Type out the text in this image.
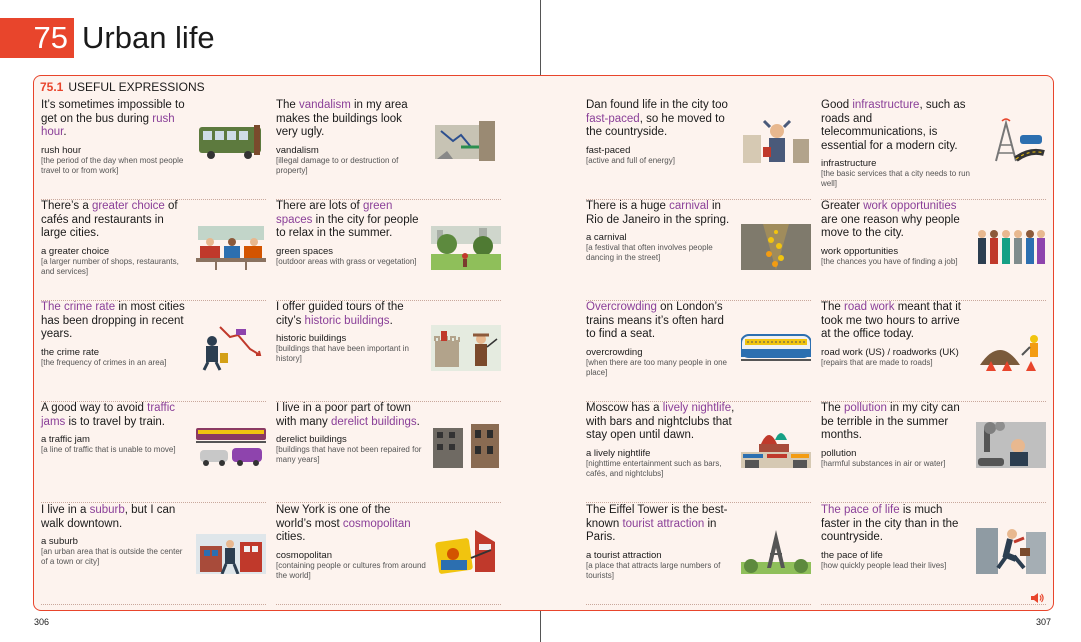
75 Urban life
75.1 USEFUL EXPRESSIONS

It’s sometimes impossible to get on the bus during rush hour.

rush hour
[the period of the day when most people travel to or from work]

The vandalism in my area makes the buildings look very ugly.

vandalism
[illegal damage to or destruction of property]

Dan found life in the city too fast-paced, so he moved to the countryside.

fast-paced
[active and full of energy]

Good infrastructure, such as roads and telecommunications, is essential for a modern city.

infrastructure
[the basic services that a city needs to run well]

There’s a greater choice of cafés and restaurants in large cities.

a greater choice
[a larger number of shops, restaurants, and services]

There are lots of green spaces in the city for people to relax in the summer.

green spaces
[outdoor areas with grass or vegetation]

There is a huge carnival in Rio de Janeiro in the spring.

a carnival
[a festival that often involves people dancing in the street]

Greater work opportunities are one reason why people move to the city.

work opportunities
[the chances you have of finding a job]

The crime rate in most cities has been dropping in recent years.

the crime rate
[the frequency of crimes in an area]

I offer guided tours of the city’s historic buildings.

historic buildings
[buildings that have been important in history]

Overcrowding on London’s trains means it’s often hard to find a seat.

overcrowding
[when there are too many people in one place]

The road work meant that it took me two hours to arrive at the office today.

road work (US) / roadworks (UK)
[repairs that are made to roads]

A good way to avoid traffic jams is to travel by train.

a traffic jam
[a line of traffic that is unable to move]

I live in a poor part of town with many derelict buildings.

derelict buildings
[buildings that have not been repaired for many years]

Moscow has a lively nightlife, with bars and nightclubs that stay open until dawn.

a lively nightlife
[nighttime entertainment such as bars, cafés, and nightclubs]

The pollution in my city can be terrible in the summer months.

pollution
[harmful substances in air or water]

I live in a suburb, but I can walk downtown.

a suburb
[an urban area that is outside the center of a town or city]

New York is one of the world’s most cosmopolitan cities.

cosmopolitan
[containing people or cultures from around the world]

The Eiffel Tower is the best-known tourist attraction in Paris.

a tourist attraction
[a place that attracts large numbers of tourists]

The pace of life is much faster in the city than in the countryside.

the pace of life
[how quickly people lead their lives]
306	307
